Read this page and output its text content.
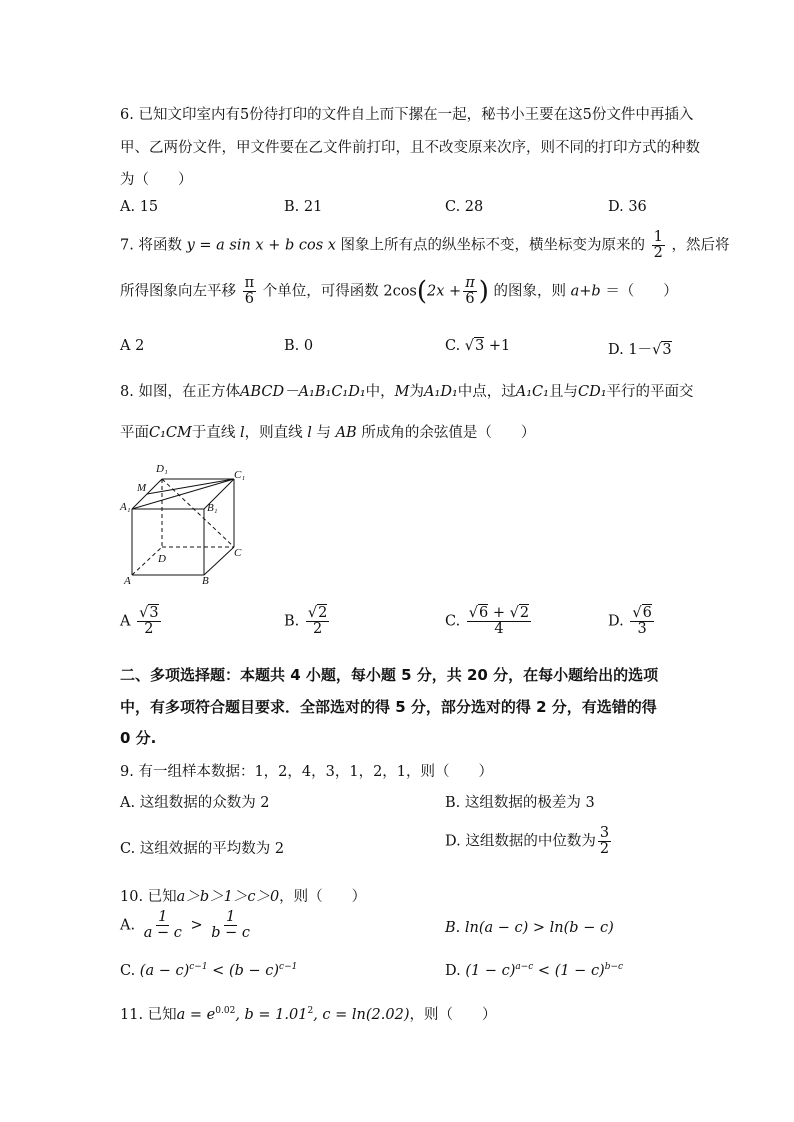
6. 已知文印室内有5份待打印的文件自上而下摞在一起，秘书小王要在这5份文件中再插入
甲、乙两份文件，甲文件要在乙文件前打印，且不改变原来次序，则不同的打印方式的种数
为（　　）
A. 15	B. 21	C. 28	D. 36
7. 将函数 y = a sin x + b cos x 图象上所有点的纵坐标不变，横坐标变为原来的 $\frac{1}{2}$ ，然后将
所得图象向左平移 $\frac{\pi}{6}$ 个单位，可得函数 $2\cos(2x + \frac{\pi}{6}$ ) 的图象，则 a+b ＝（　　）
A 2	B. 0	C. √3 +1	D. 1－√3
8. 如图，在正方体ABCD－A₁B₁C₁D₁中，M为A₁D₁中点，过A₁C₁且与CD₁平行的平面交
平面C₁CM于直线 l，则直线 l 与 AB 所成角的余弦值是（　　）
D₁	C₁
M
A₁	B₁
D	C
A	B
A $\frac{√3}{2}$	B. $\frac{√2}{2}$	C. $\frac{√6 + √2}{4}$	D. $\frac{√6}{3}$
二、多项选择题：本题共 4 小题，每小题 5 分，共 20 分，在每小题给出的选项
中，有多项符合题目要求．全部选对的得 5 分，部分选对的得 2 分，有选错的得
0 分.
9. 有一组样本数据：1，2，4，3，1，2，1，则（　　）
A. 这组数据的众数为 2	B. 这组数据的极差为 3
C. 这组效据的平均数为 2	D. 这组数据的中位数为 $\frac{3}{2}$
10. 已知a＞b＞1＞c＞0，则（　　）
A. $\frac{1}{a - c} > \frac{1}{b - c}$	B. ln(a − c) > ln(b − c)
C. $(a - c)^{c-1} < (b - c)^{c-1}$	D. $(1 - c)^{a-c} < (1 - c)^{b-c}$
11. 已知$a = e^{0.02}$, $b = 1.01^2$, c = ln(2.02)，则（　　）
